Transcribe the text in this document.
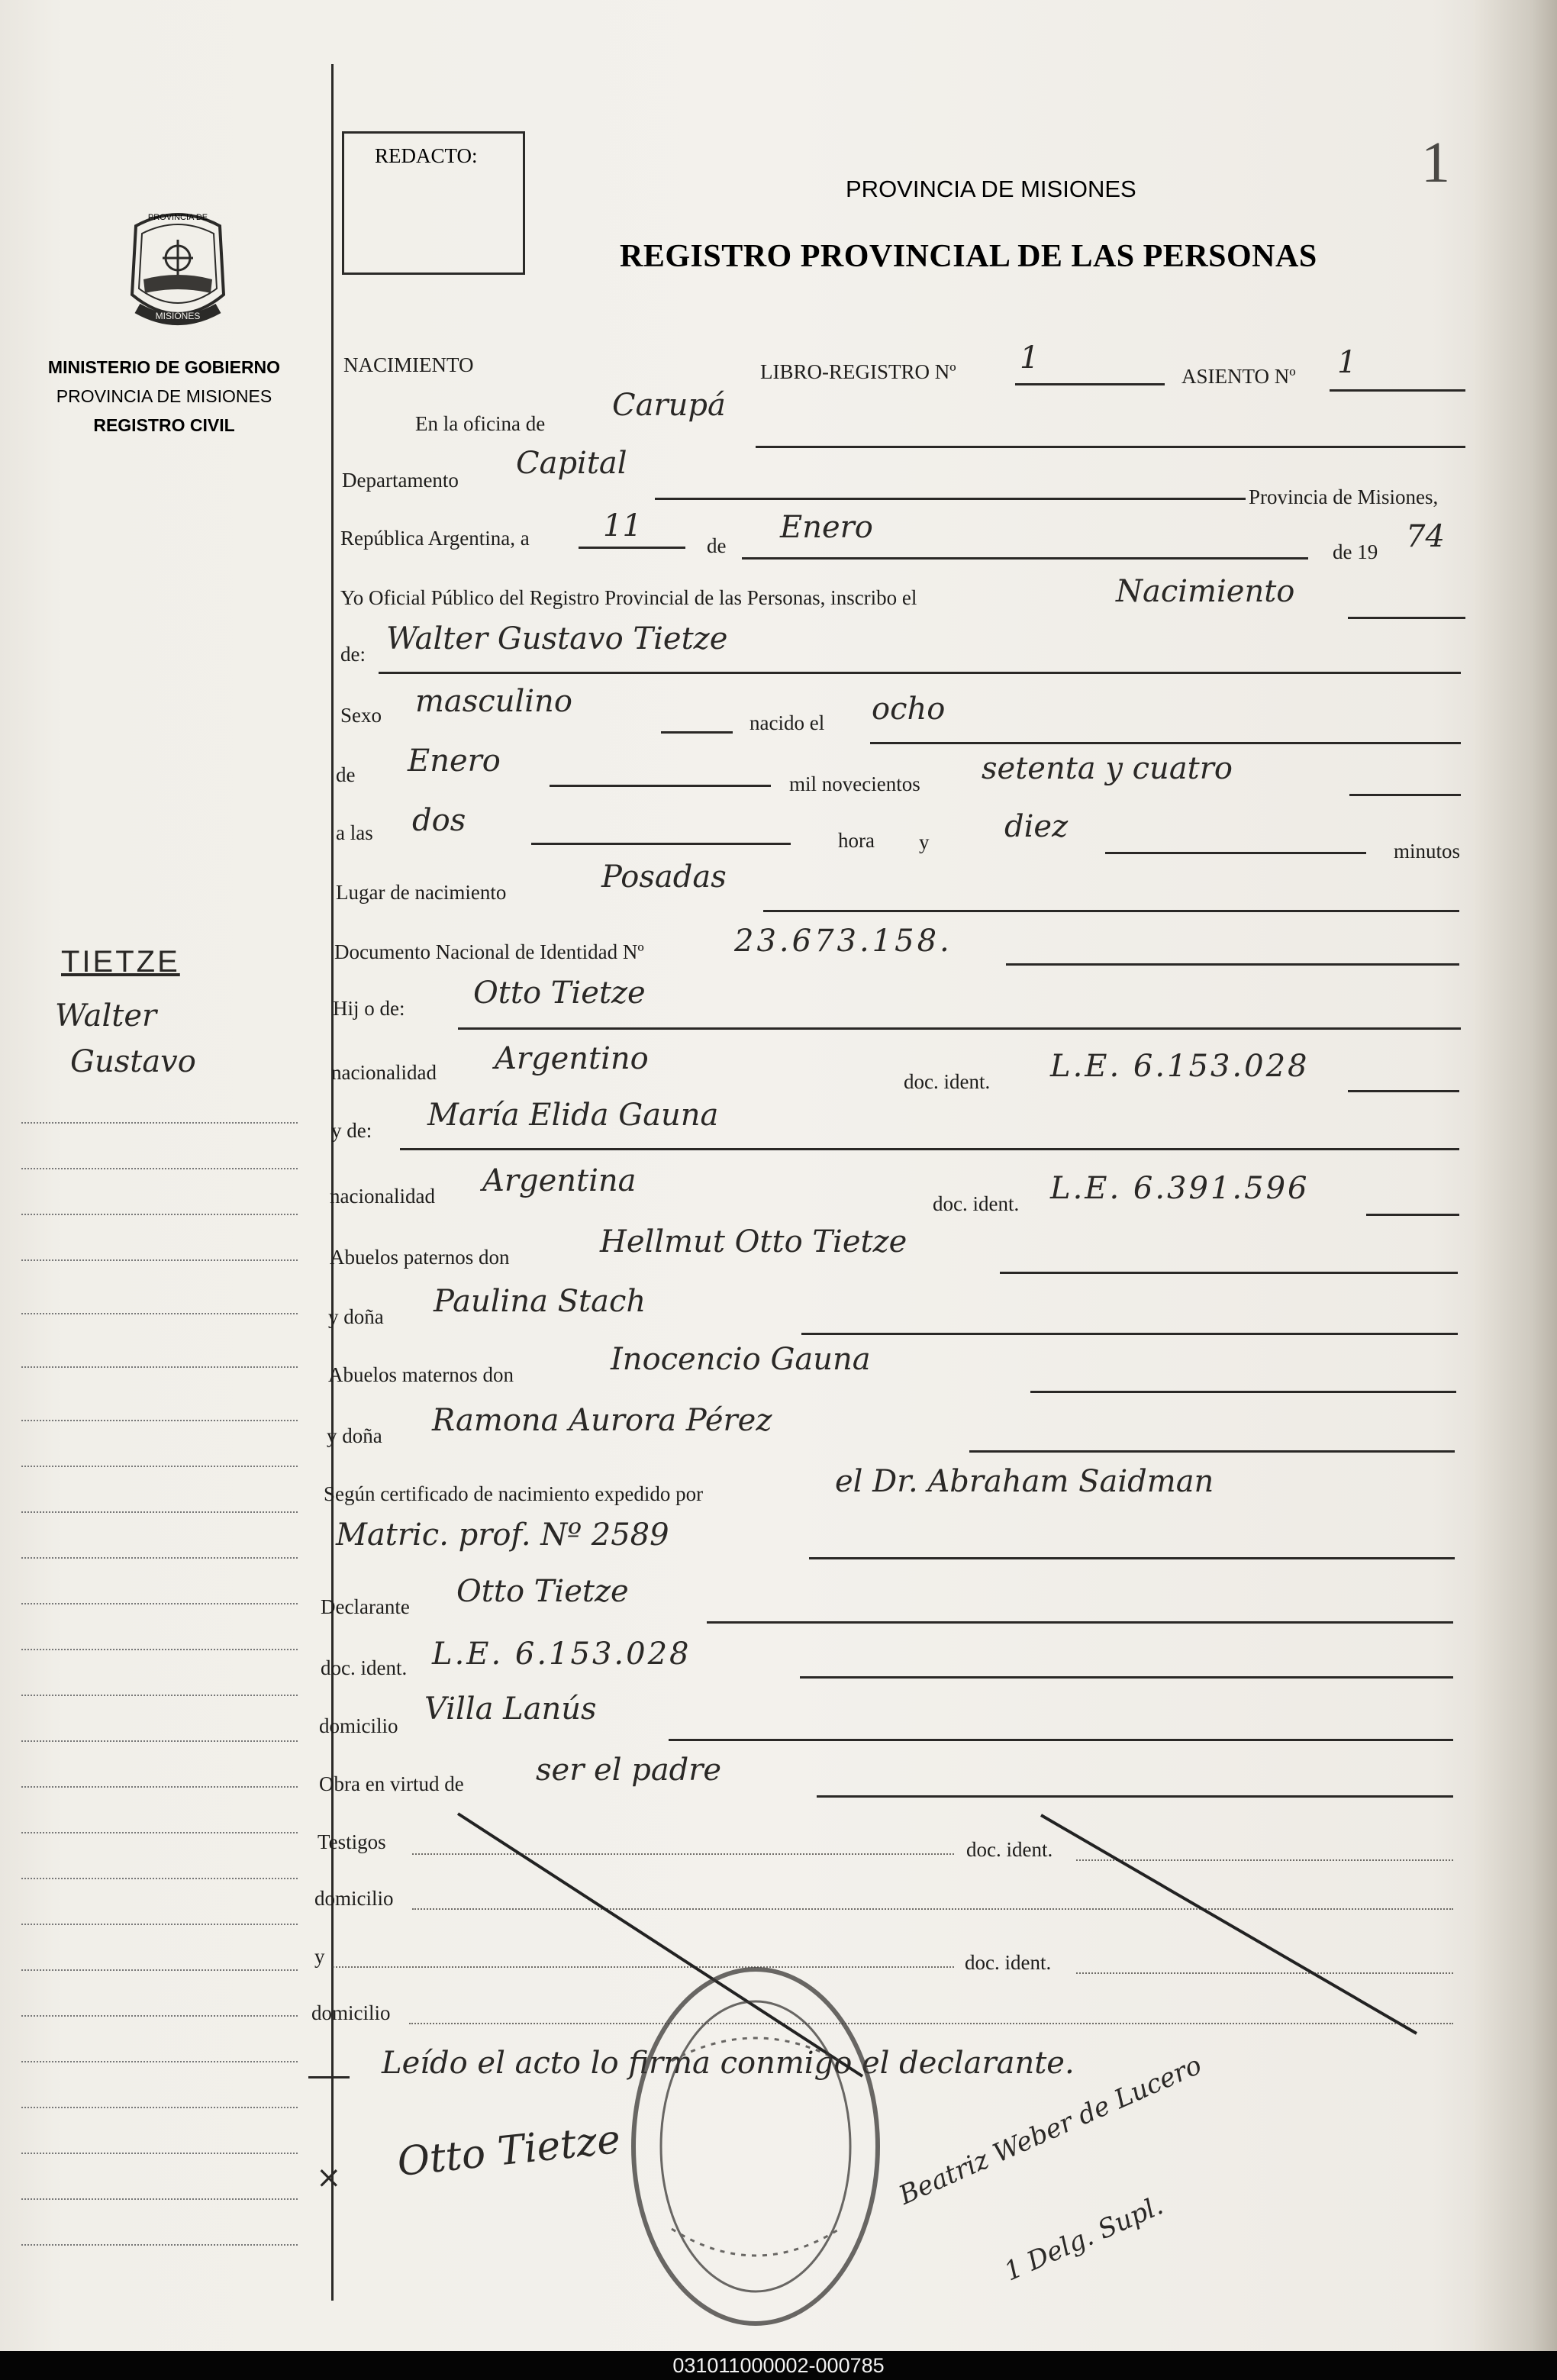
1
REDACTO:
PROVINCIA DE MISIONES
REGISTRO PROVINCIAL DE LAS PERSONAS
PROVINCIA DE
MISIONES
MINISTERIO DE GOBIERNO
PROVINCIA DE MISIONES
REGISTRO CIVIL
TIETZE
Walter
Gustavo
NACIMIENTO	LIBRO-REGISTRO Nº 1
ASIENTO Nº 1
En la oficina de
Carupá
Departamento Capital
Provincia de Misiones,
República Argentina, a 11
de
Enero
de 19 74
Yo Oficial Público del Registro Provincial de las Personas, inscribo el	Nacimiento
de: Walter Gustavo Tietze
Sexo masculino
nacido el ocho
de Enero
mil novecientos setenta y cuatro
a las dos
hora y diez
minutos
Lugar de nacimiento	Posadas
Documento Nacional de Identidad Nº	23.673.158.
Hij o de: Otto Tietze
nacionalidad Argentino
doc. ident. L.E. 6.153.028
y de: María Elida Gauna
nacionalidad Argentina
doc. ident. L.E. 6.391.596
Abuelos paternos don	Hellmut Otto Tietze
y doña Paulina Stach
Abuelos maternos don	Inocencio Gauna
y doña Ramona Aurora Pérez
Según certificado de nacimiento expedido por	el Dr. Abraham Saidman
Matric. prof. Nº 2589
Declarante Otto Tietze
doc. ident. L.E. 6.153.028
domicilio Villa Lanús
Obra en virtud de ser el padre
Testigos	doc. ident.
domicilio
y	doc. ident.
domicilio
Leído el acto lo firma conmigo el declarante.
× Otto Tietze	Beatriz Weber de Lucero
1 Delg. Supl.
031011000002-000785
